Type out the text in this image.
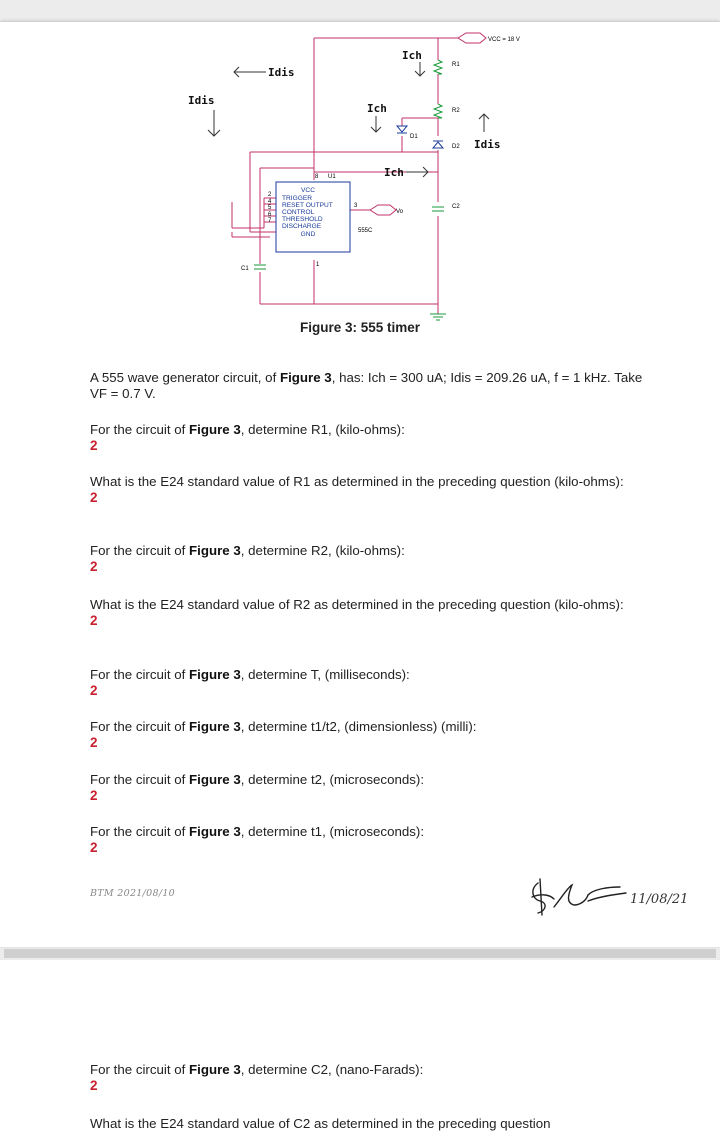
VCC = 18 V
R1
R2
D1
D2
C2
C1
U1
555C
VCC
TRIGGER
RESET OUTPUT
CONTROL
THRESHOLD
DISCHARGE
GND
8
1
3
2
4
5
6
7
Vo
Ich
Idis
Idis
Ich
Idis
Ich
Figure 3: 555 timer
A 555 wave generator circuit, of Figure 3, has: Ich = 300 uA; Idis = 209.26 uA, f = 1 kHz. Take VF = 0.7 V.
For the circuit of Figure 3, determine R1, (kilo-ohms):
2
What is the E24 standard value of R1 as determined in the preceding question (kilo-ohms):
2
For the circuit of Figure 3, determine R2, (kilo-ohms):
2
What is the E24 standard value of R2 as determined in the preceding question (kilo-ohms):
2
For the circuit of Figure 3, determine T, (milliseconds):
2
For the circuit of Figure 3, determine t1/t2, (dimensionless) (milli):
2
For the circuit of Figure 3, determine t2, (microseconds):
2
For the circuit of Figure 3, determine t1, (microseconds):
2
BTM 2021/08/10	11/08/21
For the circuit of Figure 3, determine C2, (nano-Farads):
2
What is the E24 standard value of C2 as determined in the preceding question
